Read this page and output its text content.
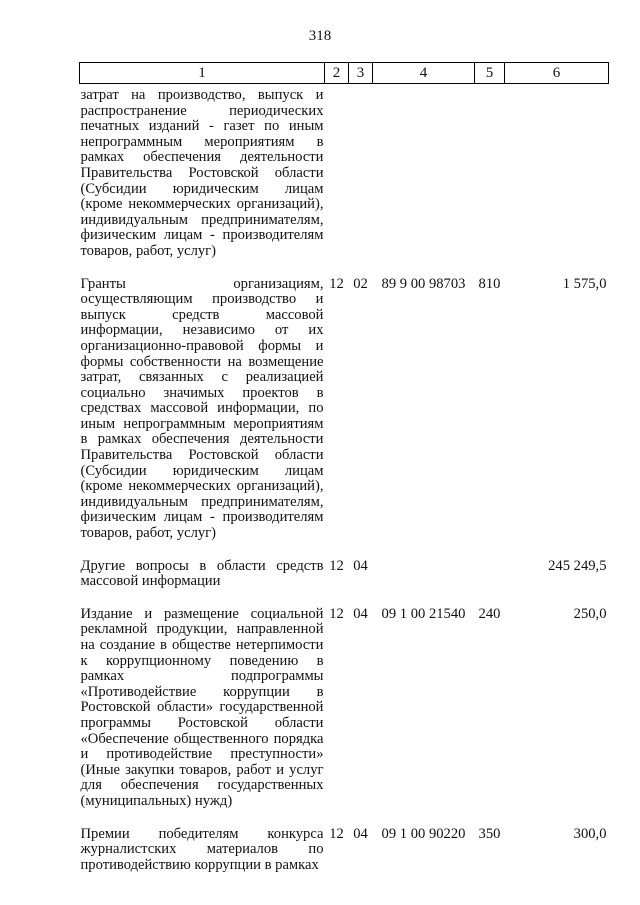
318
1	2	3	4	5	6
затрат на производство, выпуск и распространение периодических печатных изданий - газет по иным непрограммным мероприятиям в рамках обеспечения деятельности Правительства Ростовской области (Субсидии юридическим лицам (кроме некоммерческих организаций), индивидуальным предпринимателям, физическим лицам - производителям товаров, работ, услуг)					
Гранты организациям, осуществляющим производство и выпуск средств массовой информации, независимо от их организационно-правовой формы и формы собственности на возмещение затрат, связанных с реализацией социально значимых проектов в средствах массовой информации, по иным непрограммным мероприятиям в рамках обеспечения деятельности Правительства Ростовской области (Субсидии юридическим лицам (кроме некоммерческих организаций), индивидуальным предпринимателям, физическим лицам - производителям товаров, работ, услуг)	12	02	89 9 00 98703	810	1 575,0
Другие вопросы в области средств массовой информации	12	04			245 249,5
Издание и размещение социальной рекламной продукции, направленной на создание в обществе нетерпимости к коррупционному поведению в рамках подпрограммы «Противодействие коррупции в Ростовской области» государственной программы Ростовской области «Обеспечение общественного порядка и противодействие преступности» (Иные закупки товаров, работ и услуг для обеспечения государственных (муниципальных) нужд)	12	04	09 1 00 21540	240	250,0
Премии победителям конкурса журналистских материалов по противодействию коррупции в рамках	12	04	09 1 00 90220	350	300,0
